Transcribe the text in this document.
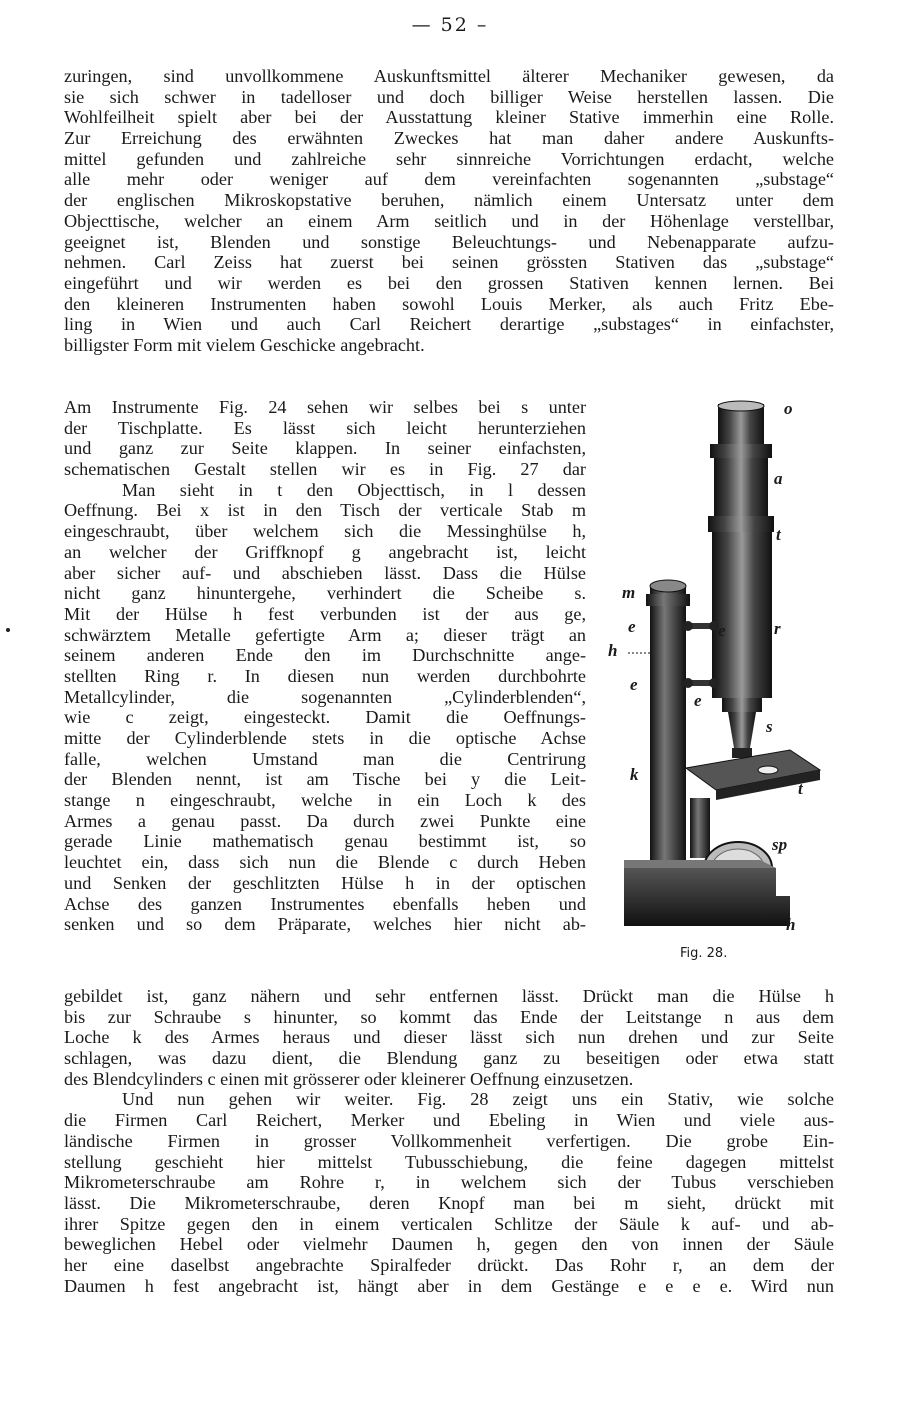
— 52 –
zuringen, sind unvollkommene Auskunftsmittel älterer Mechaniker gewesen, da
sie sich schwer in tadelloser und doch billiger Weise herstellen lassen. Die
Wohlfeilheit spielt aber bei der Ausstattung kleiner Stative immerhin eine Rolle.
Zur Erreichung des erwähnten Zweckes hat man daher andere Auskunfts-
mittel gefunden und zahlreiche sehr sinnreiche Vorrichtungen erdacht, welche
alle mehr oder weniger auf dem vereinfachten sogenannten „substage“
der englischen Mikroskopstative beruhen, nämlich einem Untersatz unter dem
Objecttische, welcher an einem Arm seitlich und in der Höhenlage verstellbar,
geeignet ist, Blenden und sonstige Beleuchtungs- und Nebenapparate aufzu-
nehmen. Carl Zeiss hat zuerst bei seinen grössten Stativen das „substage“
eingeführt und wir werden es bei den grossen Stativen kennen lernen. Bei
den kleineren Instrumenten haben sowohl Louis Merker, als auch Fritz Ebe-
ling in Wien und auch Carl Reichert derartige „substages“ in einfachster,
billigster Form mit vielem Geschicke angebracht.
Am Instrumente Fig. 24 sehen wir selbes bei s unter
der Tischplatte. Es lässt sich leicht herunterziehen
und ganz zur Seite klappen. In seiner einfachsten,
schematischen Gestalt stellen wir es in Fig. 27 dar
Man sieht in t den Objecttisch, in l dessen
Oeffnung. Bei x ist in den Tisch der verticale Stab m
eingeschraubt, über welchem sich die Messinghülse h,
an welcher der Griffknopf g angebracht ist, leicht
aber sicher auf- und abschieben lässt. Dass die Hülse
nicht ganz hinuntergehe, verhindert die Scheibe s.
Mit der Hülse h fest verbunden ist der aus ge,
schwärztem Metalle gefertigte Arm a; dieser trägt an
seinem anderen Ende den im Durchschnitte ange-
stellten Ring r. In diesen nun werden durchbohrte
Metallcylinder, die sogenannten „Cylinderblenden“,
wie c zeigt, eingesteckt. Damit die Oeffnungs-
mitte der Cylinderblende stets in die optische Achse
falle, welchen Umstand man die Centrirung
der Blenden nennt, ist am Tische bei y die Leit-
stange n eingeschraubt, welche in ein Loch k des
Armes a genau passt. Da durch zwei Punkte eine
gerade Linie mathematisch genau bestimmt ist, so
leuchtet ein, dass sich nun die Blende c durch Heben
und Senken der geschlitzten Hülse h in der optischen
Achse des ganzen Instrumentes ebenfalls heben und
senken und so dem Präparate, welches hier nicht ab-
gebildet ist, ganz nähern und sehr entfernen lässt. Drückt man die Hülse h
bis zur Schraube s hinunter, so kommt das Ende der Leitstange n aus dem
Loche k des Armes heraus und dieser lässt sich nun drehen und zur Seite
schlagen, was dazu dient, die Blendung ganz zu beseitigen oder etwa statt
des Blendcylinders c einen mit grösserer oder kleinerer Oeffnung einzusetzen.
Und nun gehen wir weiter. Fig. 28 zeigt uns ein Stativ, wie solche
die Firmen Carl Reichert, Merker und Ebeling in Wien und viele aus-
ländische Firmen in grosser Vollkommenheit verfertigen. Die grobe Ein-
stellung geschieht hier mittelst Tubusschiebung, die feine dagegen mittelst
Mikrometerschraube am Rohre r, in welchem sich der Tubus verschieben
lässt. Die Mikrometerschraube, deren Knopf man bei m sieht, drückt mit
ihrer Spitze gegen den in einem verticalen Schlitze der Säule k auf- und ab-
beweglichen Hebel oder vielmehr Daumen h, gegen den von innen der Säule
her eine daselbst angebrachte Spiralfeder drückt. Das Rohr r, an dem der
Daumen h fest angebracht ist, hängt aber in dem Gestänge e e e e. Wird nun
o
a
t
m
e
h
r
e
e
e
s
k
t
sp
h
Fig. 28.
